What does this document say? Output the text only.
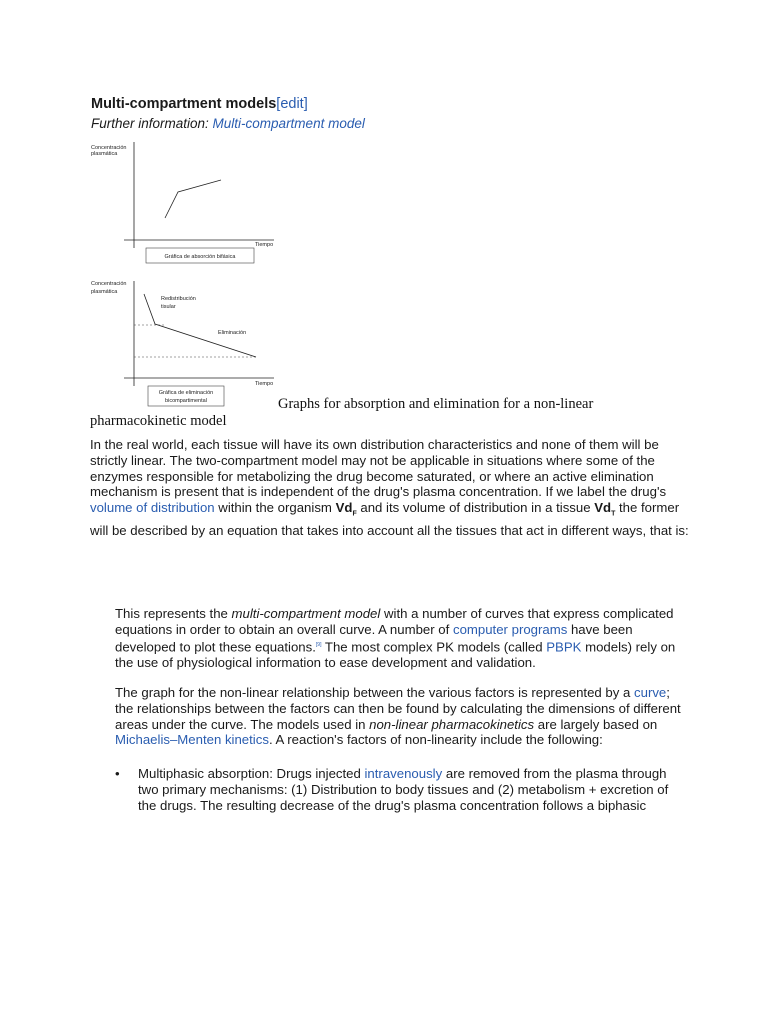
Multi-compartment models[edit]
Further information: Multi-compartment model
Concentración
plasmática
Tiempo
Gráfica de absorción bifásica
Concentración
plasmática
Redistribución
tisular
Eliminación
Tiempo
Gráfica de eliminación
bicompartimental	Graphs for absorption and elimination for a non-linear
pharmacokinetic model

In the real world, each tissue will have its own distribution characteristics and none of them will be strictly linear. The two-compartment model may not be applicable in situations where some of the enzymes responsible for metabolizing the drug become saturated, or where an active elimination mechanism is present that is independent of the drug's plasma concentration. If we label the drug's volume of distribution within the organism $Vd_F$ and its volume of distribution in a tissue $Vd_T$ the former will be described by an equation that takes into account all the tissues that act in different ways, that is:

This represents the multi-compartment model with a number of curves that express complicated equations in order to obtain an overall curve. A number of computer programs have been developed to plot these equations.[9] The most complex PK models (called PBPK models) rely on the use of physiological information to ease development and validation.

The graph for the non-linear relationship between the various factors is represented by a curve; the relationships between the factors can then be found by calculating the dimensions of different areas under the curve. The models used in non-linear pharmacokinetics are largely based on Michaelis–Menten kinetics. A reaction's factors of non-linearity include the following:

• Multiphasic absorption: Drugs injected intravenously are removed from the plasma through two primary mechanisms: (1) Distribution to body tissues and (2) metabolism + excretion of the drugs. The resulting decrease of the drug's plasma concentration follows a biphasic
